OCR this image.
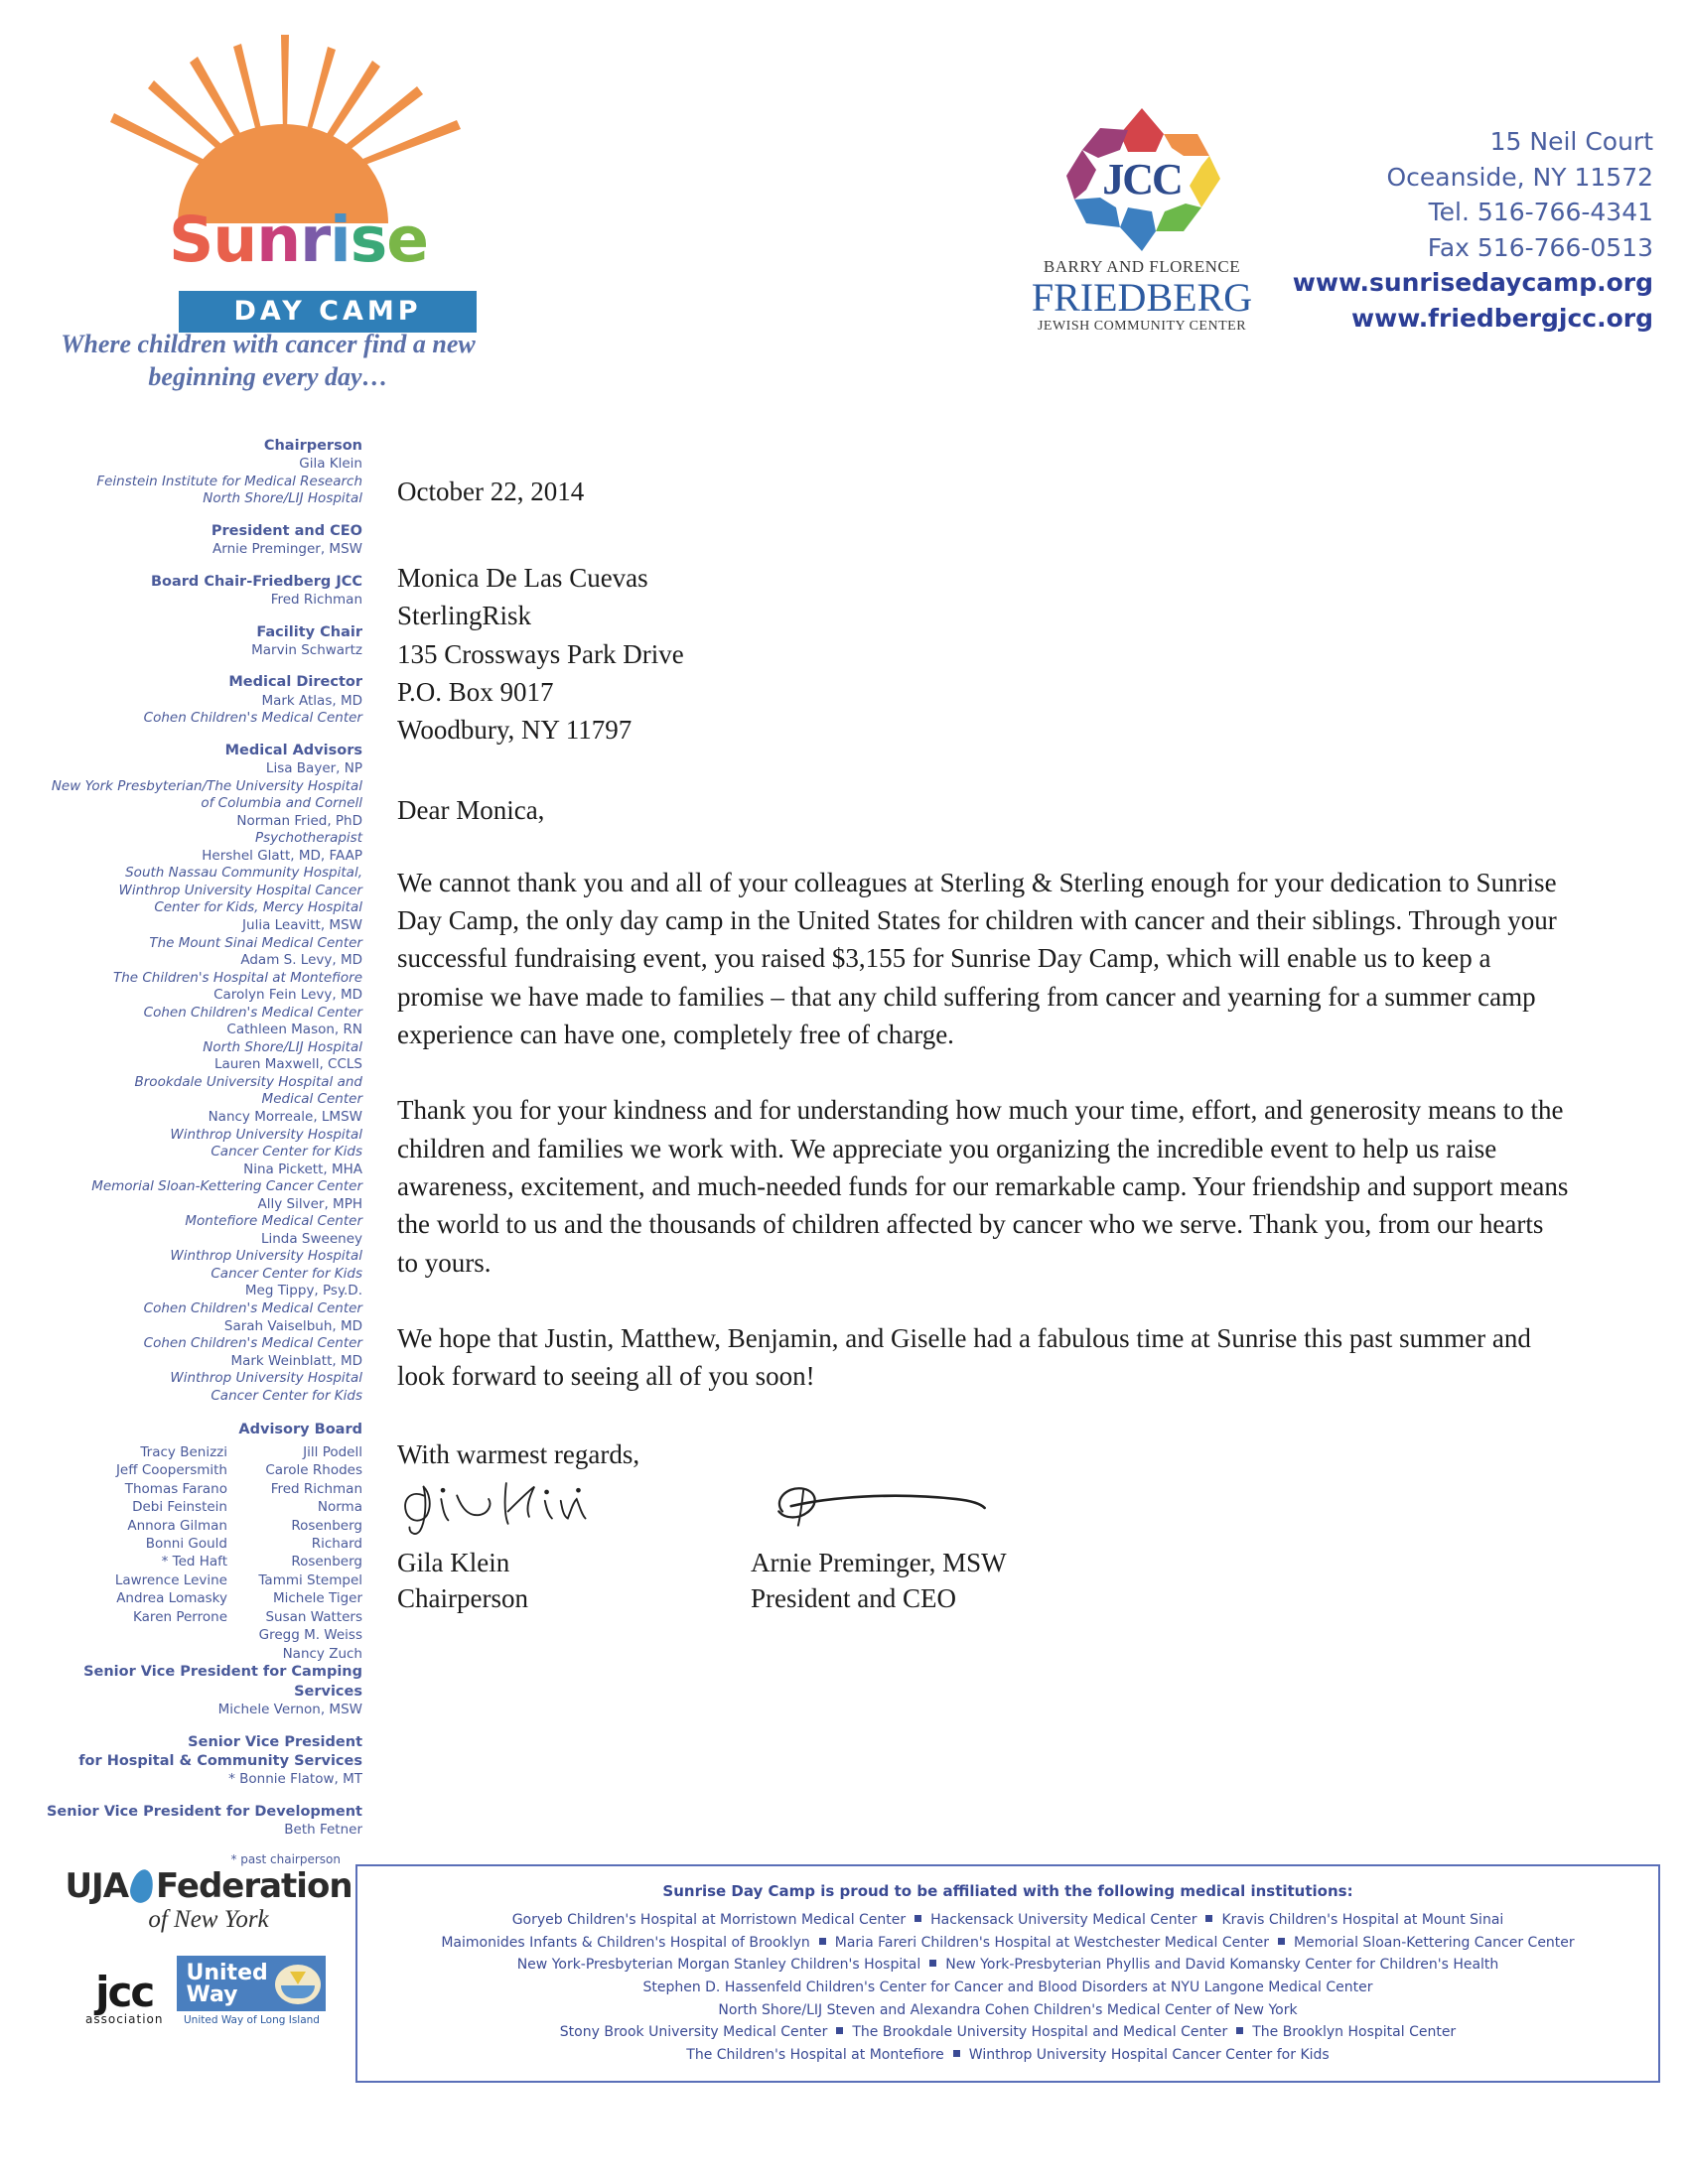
Sunrise
DAY CAMP
Where children with cancer find a new beginning every day…
JCC
BARRY AND FLORENCE
FRIEDBERG
JEWISH COMMUNITY CENTER
15 Neil Court
Oceanside, NY 11572
Tel. 516-766-4341
Fax 516-766-0513
www.sunrisedaycamp.org
www.friedbergjcc.org
Chairperson
Gila Klein
Feinstein Institute for Medical Research
North Shore/LIJ Hospital
President and CEO
Arnie Preminger, MSW
Board Chair-Friedberg JCC
Fred Richman
Facility Chair
Marvin Schwartz
Medical Director
Mark Atlas, MD
Cohen Children's Medical Center
Medical Advisors
Lisa Bayer, NP
New York Presbyterian/The University Hospital
of Columbia and Cornell
Norman Fried, PhD
Psychotherapist
Hershel Glatt, MD, FAAP
South Nassau Community Hospital,
Winthrop University Hospital Cancer
Center for Kids, Mercy Hospital
Julia Leavitt, MSW
The Mount Sinai Medical Center
Adam S. Levy, MD
The Children's Hospital at Montefiore
Carolyn Fein Levy, MD
Cohen Children's Medical Center
Cathleen Mason, RN
North Shore/LIJ Hospital
Lauren Maxwell, CCLS
Brookdale University Hospital and
Medical Center
Nancy Morreale, LMSW
Winthrop University Hospital
Cancer Center for Kids
Nina Pickett, MHA
Memorial Sloan-Kettering Cancer Center
Ally Silver, MPH
Montefiore Medical Center
Linda Sweeney
Winthrop University Hospital
Cancer Center for Kids
Meg Tippy, Psy.D.
Cohen Children's Medical Center
Sarah Vaiselbuh, MD
Cohen Children's Medical Center
Mark Weinblatt, MD
Winthrop University Hospital
Cancer Center for Kids
Advisory Board
Tracy Benizzi
Jeff Coopersmith
Thomas Farano
Debi Feinstein
Annora Gilman
Bonni Gould
* Ted Haft
Lawrence Levine
Andrea Lomasky
Karen Perrone
Jill Podell
Carole Rhodes
Fred Richman
Norma Rosenberg
Richard Rosenberg
Tammi Stempel
Michele Tiger
Susan Watters
Gregg M. Weiss
Nancy Zuch
Senior Vice President for Camping Services
Michele Vernon, MSW
Senior Vice President
for Hospital & Community Services
* Bonnie Flatow, MT
Senior Vice President for Development
Beth Fetner
* past chairperson
October 22, 2014
Monica De Las Cuevas
SterlingRisk
135 Crossways Park Drive
P.O. Box 9017
Woodbury, NY 11797
Dear Monica,
We cannot thank you and all of your colleagues at Sterling & Sterling enough for your dedication to Sunrise Day Camp, the only day camp in the United States for children with cancer and their siblings. Through your successful fundraising event, you raised $3,155 for Sunrise Day Camp, which will enable us to keep a promise we have made to families – that any child suffering from cancer and yearning for a summer camp experience can have one, completely free of charge.
Thank you for your kindness and for understanding how much your time, effort, and generosity means to the children and families we work with. We appreciate you organizing the incredible event to help us raise awareness, excitement, and much-needed funds for our remarkable camp. Your friendship and support means the world to us and the thousands of children affected by cancer who we serve. Thank you, from our hearts to yours.
We hope that Justin, Matthew, Benjamin, and Giselle had a fabulous time at Sunrise this past summer and look forward to seeing all of you soon!
With warmest regards,
Gila Klein
Chairperson
Arnie Preminger, MSW
President and CEO
UJA Federation
of New York
jcc
association
United
Way
United Way of Long Island
Sunrise Day Camp is proud to be affiliated with the following medical institutions:
Goryeb Children's Hospital at Morristown Medical Center Hackensack University Medical Center Kravis Children's Hospital at Mount Sinai
Maimonides Infants & Children's Hospital of Brooklyn Maria Fareri Children's Hospital at Westchester Medical Center Memorial Sloan-Kettering Cancer Center
New York-Presbyterian Morgan Stanley Children's Hospital New York-Presbyterian Phyllis and David Komansky Center for Children's Health
Stephen D. Hassenfeld Children's Center for Cancer and Blood Disorders at NYU Langone Medical Center
North Shore/LIJ Steven and Alexandra Cohen Children's Medical Center of New York
Stony Brook University Medical Center The Brookdale University Hospital and Medical Center The Brooklyn Hospital Center
The Children's Hospital at Montefiore Winthrop University Hospital Cancer Center for Kids
